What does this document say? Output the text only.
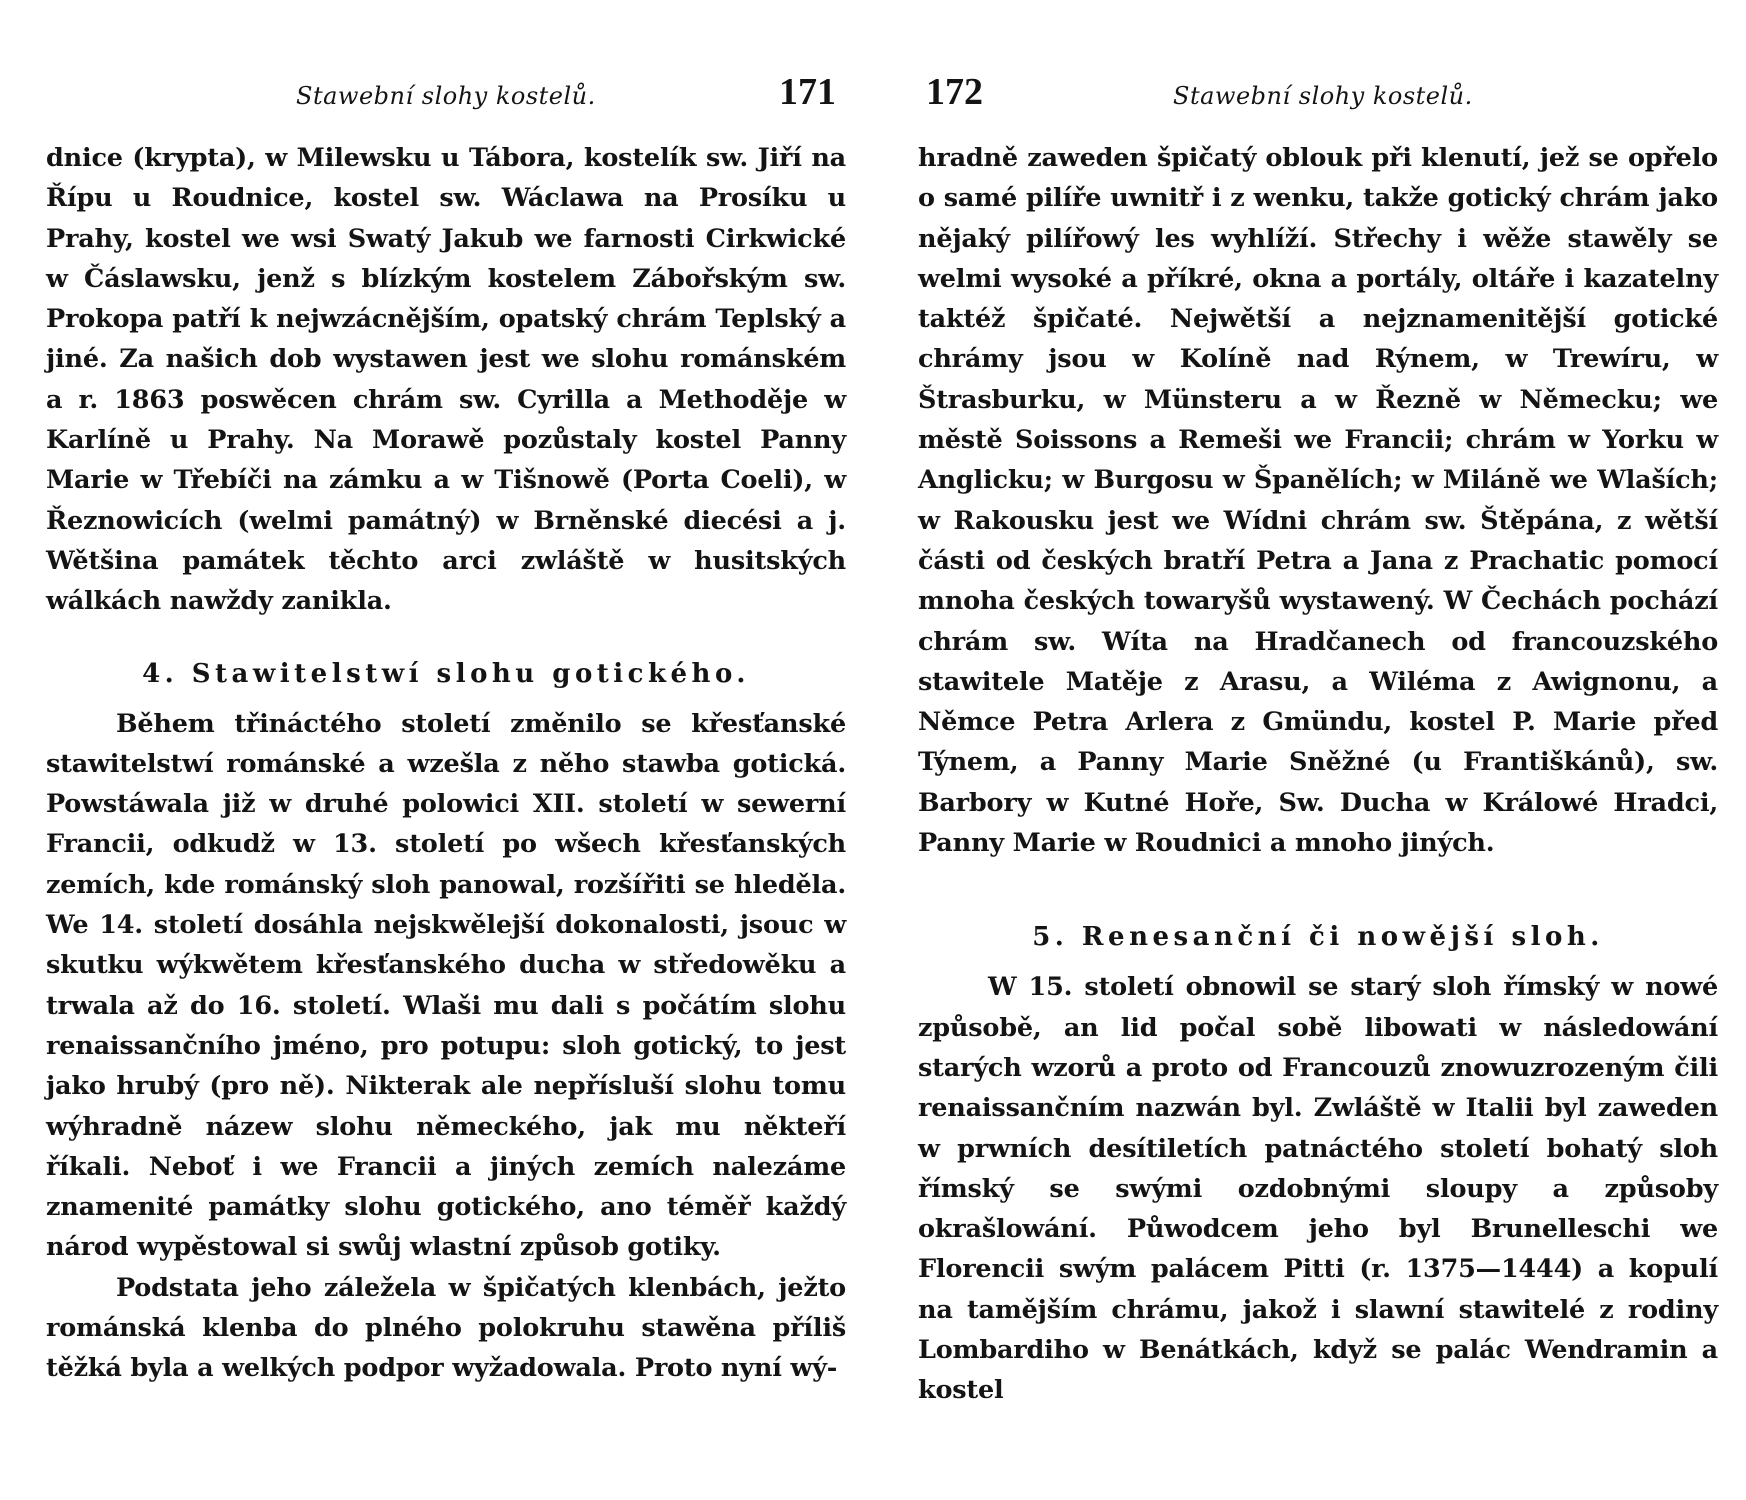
Stawební slohy kostelů.	171

dnice (krypta), w Milewsku u Tábora, kostelík sw. Jiří na Řípu u Roudnice, kostel sw. Wáclawa na Prosíku u Prahy, kostel we wsi Swatý Jakub we farnosti Cirkwické w Čáslawsku, jenž s blízkým kostelem Zábořským sw. Prokopa patří k nejwzácnějším, opatský chrám Teplský a jiné. Za našich dob wystawen jest we slohu románském a r. 1863 poswěcen chrám sw. Cyrilla a Methoděje w Karlíně u Prahy. Na Morawě pozůstaly kostel Panny Marie w Třebíči na zámku a w Tišnowě (Porta Coeli), w Řeznowicích (welmi památný) w Brněnské diecési a j. Wětšina památek těchto arci zwláště w husitských wálkách nawždy zanikla.

4. Stawitelstwí slohu gotického.

Během třináctého století změnilo se křesťanské stawitelstwí románské a wzešla z něho stawba gotická. Powstáwala již w druhé polowici XII. století w sewerní Francii, odkudž w 13. století po wšech křesťanských zemích, kde románský sloh panowal, rozšířiti se hleděla. We 14. století dosáhla nejskwělejší dokonalosti, jsouc w skutku wýkwětem křesťanského ducha w středowěku a trwala až do 16. století. Wlaši mu dali s počátím slohu renaissančního jméno, pro potupu: sloh gotický, to jest jako hrubý (pro ně). Nikterak ale nepřísluší slohu tomu wýhradně názew slohu německého, jak mu někteří říkali. Neboť i we Francii a jiných zemích nalezáme znamenité památky slohu gotického, ano téměř každý národ wypěstowal si swůj wlastní způsob gotiky.

Podstata jeho záležela w špičatých klenbách, ježto románská klenba do plného polokruhu stawěna příliš těžká byla a welkých podpor wyžadowala. Proto nyní wý-

172	Stawební slohy kostelů.

hradně zaweden špičatý oblouk při klenutí, jež se opřelo o samé pilíře uwnitř i z wenku, takže gotický chrám jako nějaký pilířowý les wyhlíží. Střechy i wěže stawěly se welmi wysoké a příkré, okna a portály, oltáře i kazatelny taktéž špičaté. Nejwětší a nejznamenitější gotické chrámy jsou w Kolíně nad Rýnem, w Trewíru, w Štrasburku, w Münsteru a w Řezně w Německu; we městě Soissons a Remeši we Francii; chrám w Yorku w Anglicku; w Burgosu w Španělích; w Miláně we Wlaších; w Rakousku jest we Wídni chrám sw. Štěpána, z wětší části od českých bratří Petra a Jana z Prachatic pomocí mnoha českých towaryšů wystawený. W Čechách pochází chrám sw. Wíta na Hradčanech od francouzského stawitele Matěje z Arasu, a Wiléma z Awignonu, a Němce Petra Arlera z Gmündu, kostel P. Marie před Týnem, a Panny Marie Sněžné (u Františkánů), sw. Barbory w Kutné Hoře, Sw. Ducha w Králowé Hradci, Panny Marie w Roudnici a mnoho jiných.

5. Renesanční či nowější sloh.

W 15. století obnowil se starý sloh římský w nowé způsobě, an lid počal sobě libowati w následowání starých wzorů a proto od Francouzů znowuzrozeným čili renaissančním nazwán byl. Zwláště w Italii byl zaweden w prwních desítiletích patnáctého století bohatý sloh římský se swými ozdobnými sloupy a způsoby okrašlowání. Půwodcem jeho byl Brunelleschi we Florencii swým palácem Pitti (r. 1375—1444) a kopulí na tamějším chrámu, jakož i slawní stawitelé z rodiny Lombardiho w Benátkách, když se palác Wendramin a kostel
